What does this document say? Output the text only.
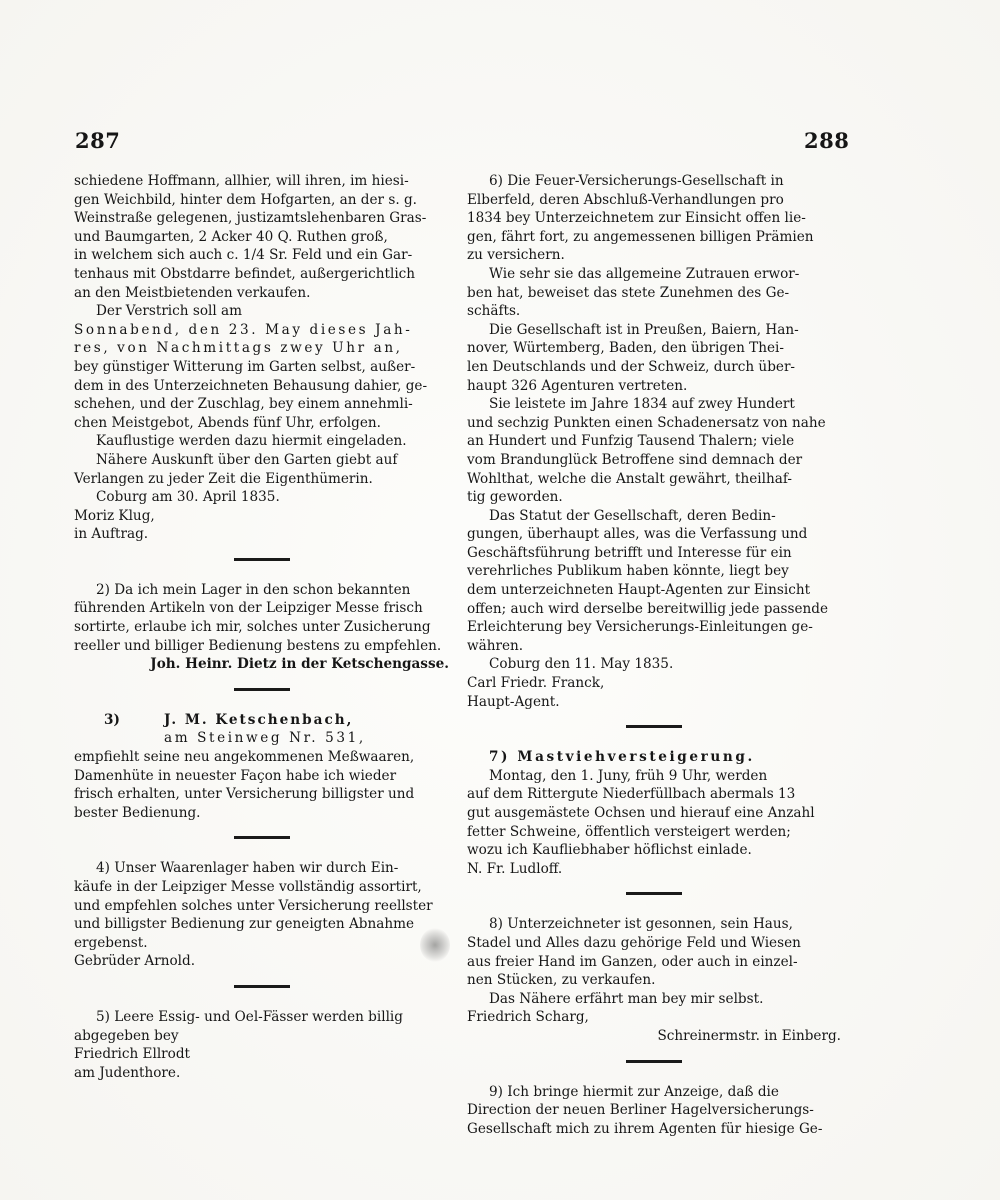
287	288

schiedene Hoffmann, allhier, will ihren, im hiesi-

gen Weichbild, hinter dem Hofgarten, an der s. g.

Weinstraße gelegenen, justizamtslehenbaren Gras-

und Baumgarten, 2 Acker 40 Q. Ruthen groß,

in welchem sich auch c. 1/4 Sr. Feld und ein Gar-

tenhaus mit Obstdarre befindet, außergerichtlich

an den Meistbietenden verkaufen.

Der Verstrich soll am

Sonnabend, den 23. May dieses Jah-

res, von Nachmittags zwey Uhr an,

bey günstiger Witterung im Garten selbst, außer-

dem in des Unterzeichneten Behausung dahier, ge-

schehen, und der Zuschlag, bey einem annehmli-

chen Meistgebot, Abends fünf Uhr, erfolgen.

Kauflustige werden dazu hiermit eingeladen.

Nähere Auskunft über den Garten giebt auf

Verlangen zu jeder Zeit die Eigenthümerin.

Coburg am 30. April 1835.

Moriz Klug,

in Auftrag.

2) Da ich mein Lager in den schon bekannten

führenden Artikeln von der Leipziger Messe frisch

sortirte, erlaube ich mir, solches unter Zusicherung

reeller und billiger Bedienung bestens zu empfehlen.

Joh. Heinr. Dietz in der Ketschengasse.

3)	J. M. Ketschenbach,

am Steinweg Nr. 531,

empfiehlt seine neu angekommenen Meßwaaren,

Damenhüte in neuester Façon habe ich wieder

frisch erhalten, unter Versicherung billigster und

bester Bedienung.

4) Unser Waarenlager haben wir durch Ein-

käufe in der Leipziger Messe vollständig assortirt,

und empfehlen solches unter Versicherung reellster

und billigster Bedienung zur geneigten Abnahme

ergebenst.

Gebrüder Arnold.

5) Leere Essig- und Oel-Fässer werden billig

abgegeben bey

Friedrich Ellrodt

am Judenthore.

6) Die Feuer-Versicherungs-Gesellschaft in

Elberfeld, deren Abschluß-Verhandlungen pro

1834 bey Unterzeichnetem zur Einsicht offen lie-

gen, fährt fort, zu angemessenen billigen Prämien

zu versichern.

Wie sehr sie das allgemeine Zutrauen erwor-

ben hat, beweiset das stete Zunehmen des Ge-

schäfts.

Die Gesellschaft ist in Preußen, Baiern, Han-

nover, Würtemberg, Baden, den übrigen Thei-

len Deutschlands und der Schweiz, durch über-

haupt 326 Agenturen vertreten.

Sie leistete im Jahre 1834 auf zwey Hundert

und sechzig Punkten einen Schadenersatz von nahe

an Hundert und Funfzig Tausend Thalern; viele

vom Brandunglück Betroffene sind demnach der

Wohlthat, welche die Anstalt gewährt, theilhaf-

tig geworden.

Das Statut der Gesellschaft, deren Bedin-

gungen, überhaupt alles, was die Verfassung und

Geschäftsführung betrifft und Interesse für ein

verehrliches Publikum haben könnte, liegt bey

dem unterzeichneten Haupt-Agenten zur Einsicht

offen; auch wird derselbe bereitwillig jede passende

Erleichterung bey Versicherungs-Einleitungen ge-

währen.

Coburg den 11. May 1835.

Carl Friedr. Franck,

Haupt-Agent.

7) Mastviehversteigerung.

Montag, den 1. Juny, früh 9 Uhr, werden

auf dem Rittergute Niederfüllbach abermals 13

gut ausgemästete Ochsen und hierauf eine Anzahl

fetter Schweine, öffentlich versteigert werden;

wozu ich Kaufliebhaber höflichst einlade.

N. Fr. Ludloff.

8) Unterzeichneter ist gesonnen, sein Haus,

Stadel und Alles dazu gehörige Feld und Wiesen

aus freier Hand im Ganzen, oder auch in einzel-

nen Stücken, zu verkaufen.

Das Nähere erfährt man bey mir selbst.

Friedrich Scharg,

Schreinermstr. in Einberg.

9) Ich bringe hiermit zur Anzeige, daß die

Direction der neuen Berliner Hagelversicherungs-

Gesellschaft mich zu ihrem Agenten für hiesige Ge-
